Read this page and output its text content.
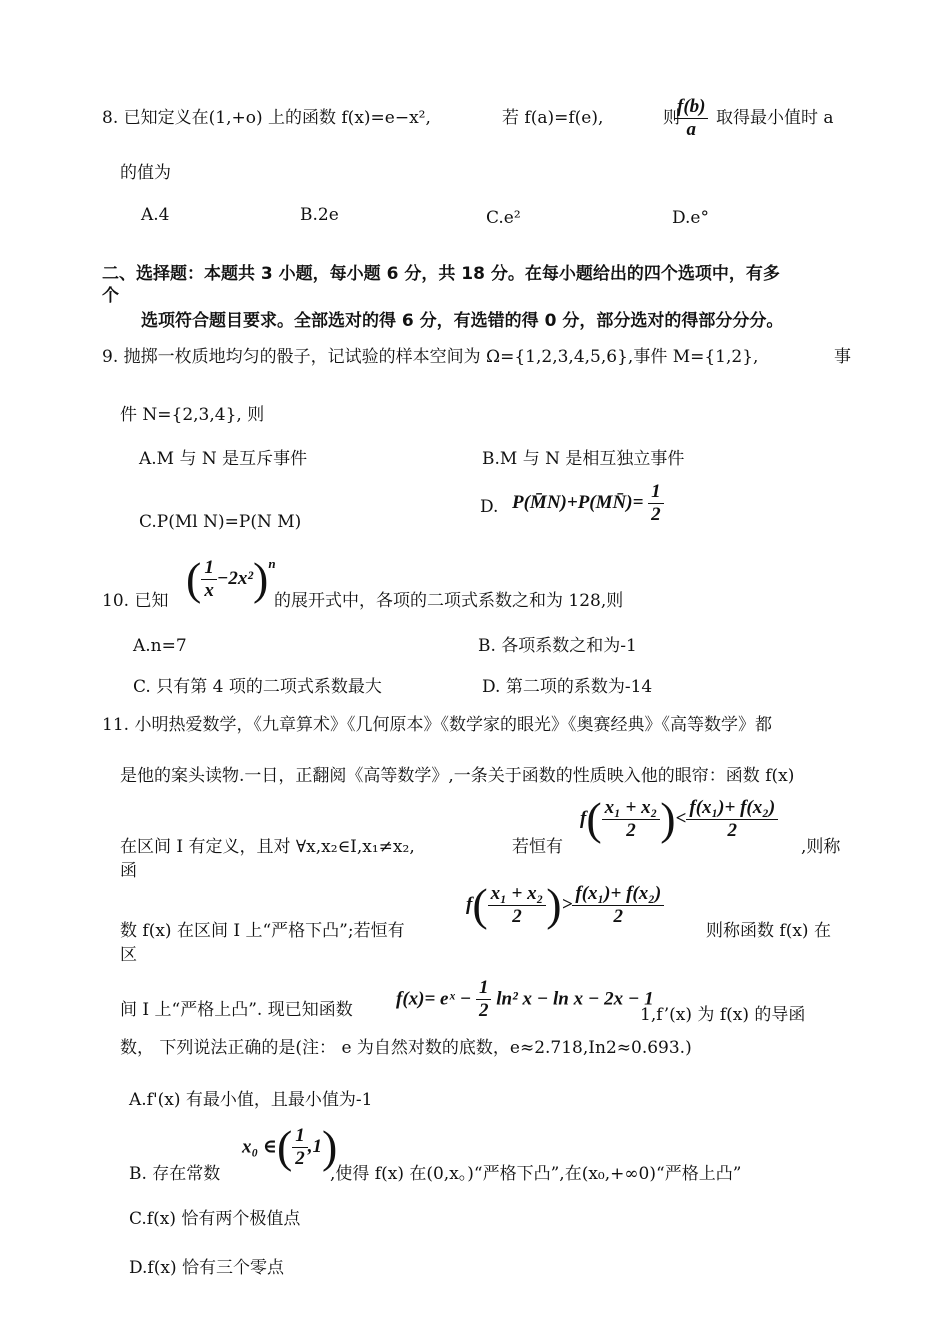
8. 已知定义在(1,+o) 上的函数 f(x)=e−x²,	若 f(a)=f(e),	则
$\frac{f(b)}{a}$ 取得最小值时 a
的值为
A.4	B.2e	C.e²	D.e°
二、选择题：本题共 3 小题，每小题 6 分，共 18 分。在每小题给出的四个选项中，有多
个
选项符合题目要求。全部选对的得 6 分，有选错的得 0 分，部分选对的得部分分分。
9. 抛掷一枚质地均匀的骰子，记试验的样本空间为 Ω={1,2,3,4,5,6},事件 M={1,2},	事
件 N={2,3,4}, 则
A.M 与 N 是互斥事件	B.M 与 N 是相互独立事件
C.P(Ml N)=P(N M)
D. P(M̄N)+P(MN̄)= $\frac{1}{2}$
10. 已知 ( $\frac{1}{x} -2x^2)^n$
的展开式中，各项的二项式系数之和为 128,则
A.n=7	B. 各项系数之和为-1
C. 只有第 4 项的二项式系数最大	D. 第二项的系数为-14
11. 小明热爱数学，《九章算术》《几何原本》《数学家的眼光》《奥赛经典》《高等数学》都
是他的案头读物.一日，正翻阅《高等数学》,一条关于函数的性质映入他的眼帘：函数 f(x)
在区间 I 有定义，且对 ∀x,x₂∈I,x₁≠x₂,	若恒有
$f( \frac{\text{x₁ + x₂}}{2}$ )< $\frac{\text{f(x₁)+ f(x₂)}}{2}$
,则称
函
数 f(x) 在区间 I 上“严格下凸”;若恒有
$f( \frac{\text{x₁ + x₂}}{2}$ )> $\frac{\text{f(x₁)+ f(x₂)}}{2}$
则称函数 f(x) 在
区
间 I 上“严格上凸”. 现已知函数
f(x)= eˣ − $\frac{1}{2} \ln^2$ x − ln x − 2x − 1
1,f’(x) 为 f(x) 的导函
数， 下列说法正确的是(注： e 为自然对数的底数，e≈2.718,In2≈0.693.)
A.f'(x) 有最小值，且最小值为-1
B. 存在常数
x₀ ∈( $\frac{1}{2} ,1$)
,使得 f(x) 在(0,x。)“严格下凸”,在(x₀,+∞0)“严格上凸”
C.f(x) 恰有两个极值点
D.f(x) 恰有三个零点
